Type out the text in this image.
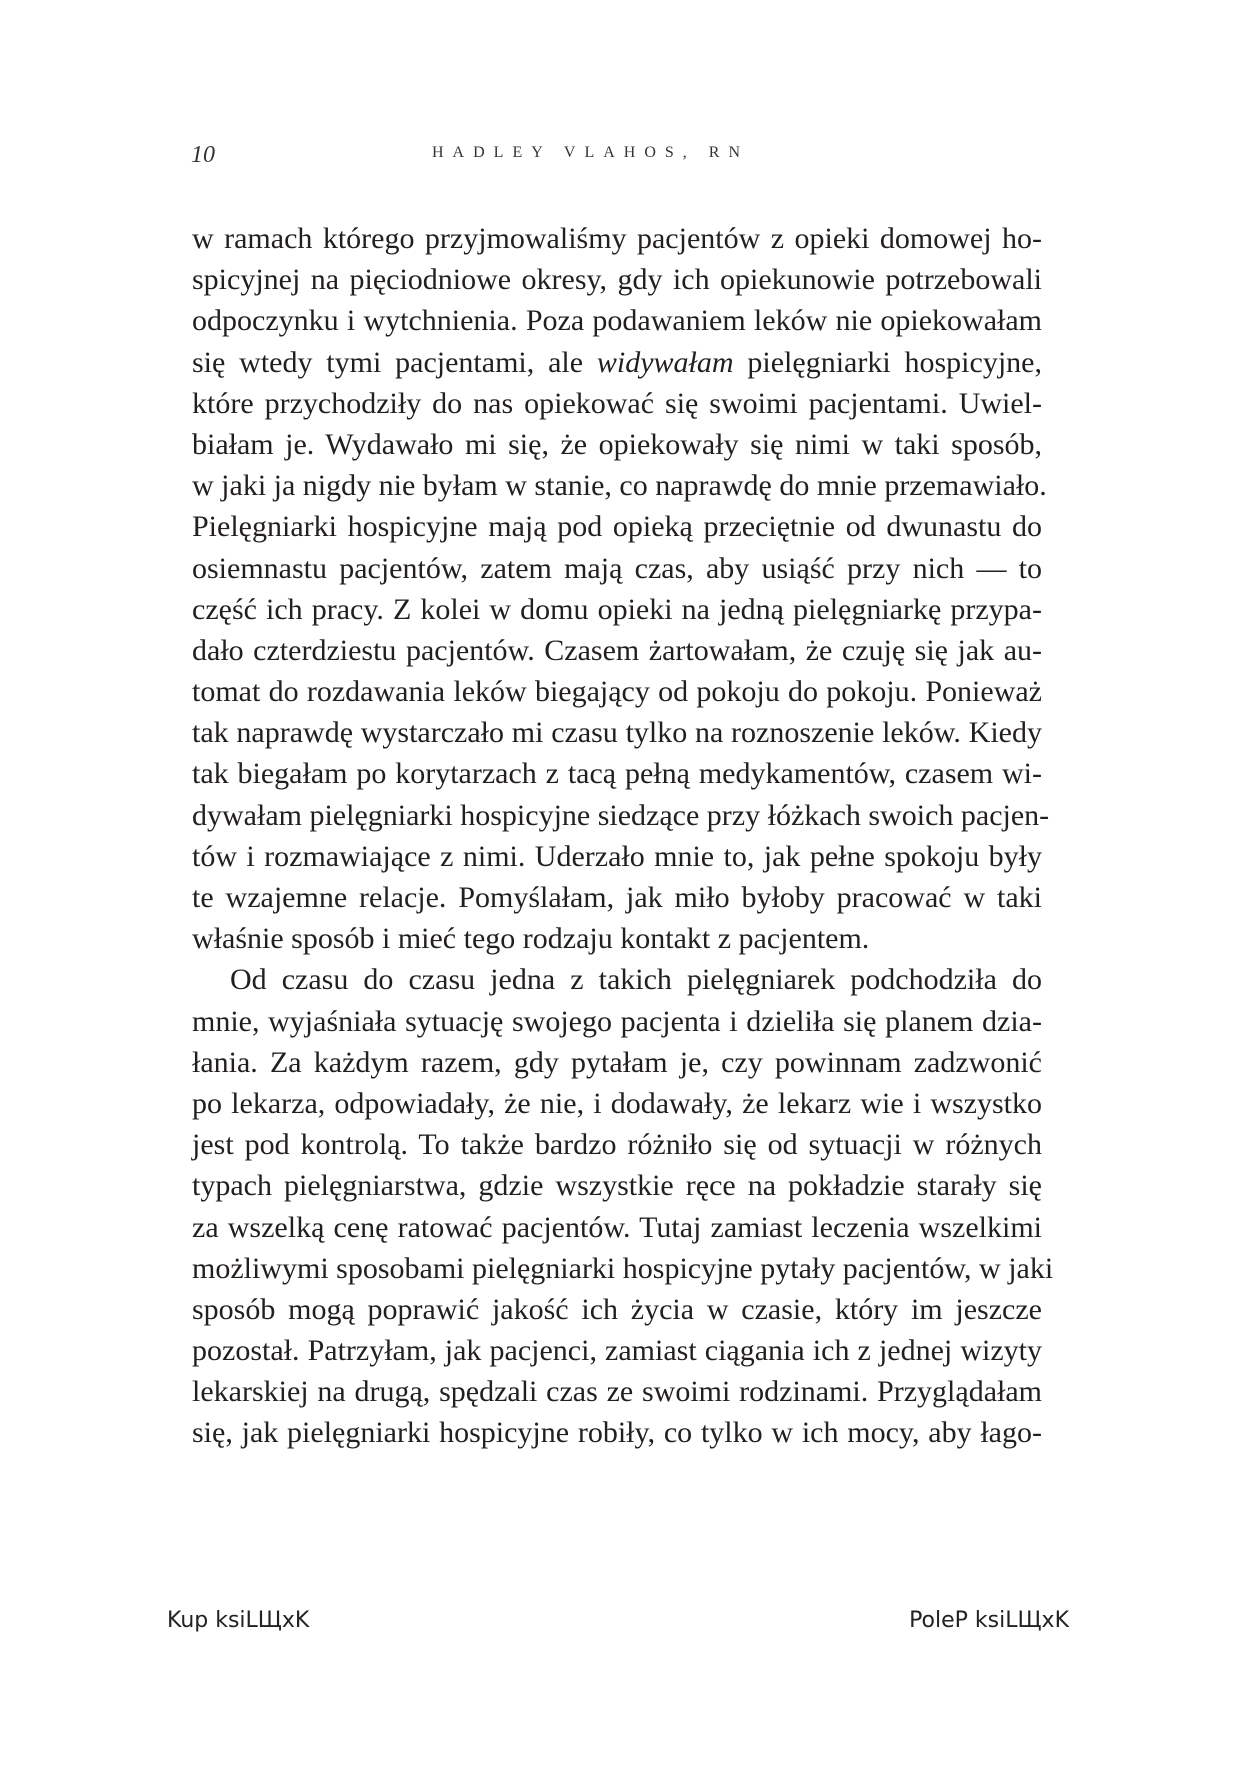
10	HADLEY VLAHOS, RN
w ramach którego przyjmowaliśmy pacjentów z opieki domowej ho-
spicyjnej na pięciodniowe okresy, gdy ich opiekunowie potrzebowali
odpoczynku i wytchnienia. Poza podawaniem leków nie opiekowałam
się wtedy tymi pacjentami, ale widywałam pielęgniarki hospicyjne,
które przychodziły do nas opiekować się swoimi pacjentami. Uwiel-
białam je. Wydawało mi się, że opiekowały się nimi w taki sposób,
w jaki ja nigdy nie byłam w stanie, co naprawdę do mnie przemawiało.
Pielęgniarki hospicyjne mają pod opieką przeciętnie od dwunastu do
osiemnastu pacjentów, zatem mają czas, aby usiąść przy nich — to
część ich pracy. Z kolei w domu opieki na jedną pielęgniarkę przypa-
dało czterdziestu pacjentów. Czasem żartowałam, że czuję się jak au-
tomat do rozdawania leków biegający od pokoju do pokoju. Ponieważ
tak naprawdę wystarczało mi czasu tylko na roznoszenie leków. Kiedy
tak biegałam po korytarzach z tacą pełną medykamentów, czasem wi-
dywałam pielęgniarki hospicyjne siedzące przy łóżkach swoich pacjen-
tów i rozmawiające z nimi. Uderzało mnie to, jak pełne spokoju były
te wzajemne relacje. Pomyślałam, jak miło byłoby pracować w taki
właśnie sposób i mieć tego rodzaju kontakt z pacjentem.
Od czasu do czasu jedna z takich pielęgniarek podchodziła do
mnie, wyjaśniała sytuację swojego pacjenta i dzieliła się planem dzia-
łania. Za każdym razem, gdy pytałam je, czy powinnam zadzwonić
po lekarza, odpowiadały, że nie, i dodawały, że lekarz wie i wszystko
jest pod kontrolą. To także bardzo różniło się od sytuacji w różnych
typach pielęgniarstwa, gdzie wszystkie ręce na pokładzie starały się
za wszelką cenę ratować pacjentów. Tutaj zamiast leczenia wszelkimi
możliwymi sposobami pielęgniarki hospicyjne pytały pacjentów, w jaki
sposób mogą poprawić jakość ich życia w czasie, który im jeszcze
pozostał. Patrzyłam, jak pacjenci, zamiast ciągania ich z jednej wizyty
lekarskiej na drugą, spędzali czas ze swoimi rodzinami. Przyglądałam
się, jak pielęgniarki hospicyjne robiły, co tylko w ich mocy, aby łago-
Kup ksiLЩxK	PoleP ksiLЩxK
